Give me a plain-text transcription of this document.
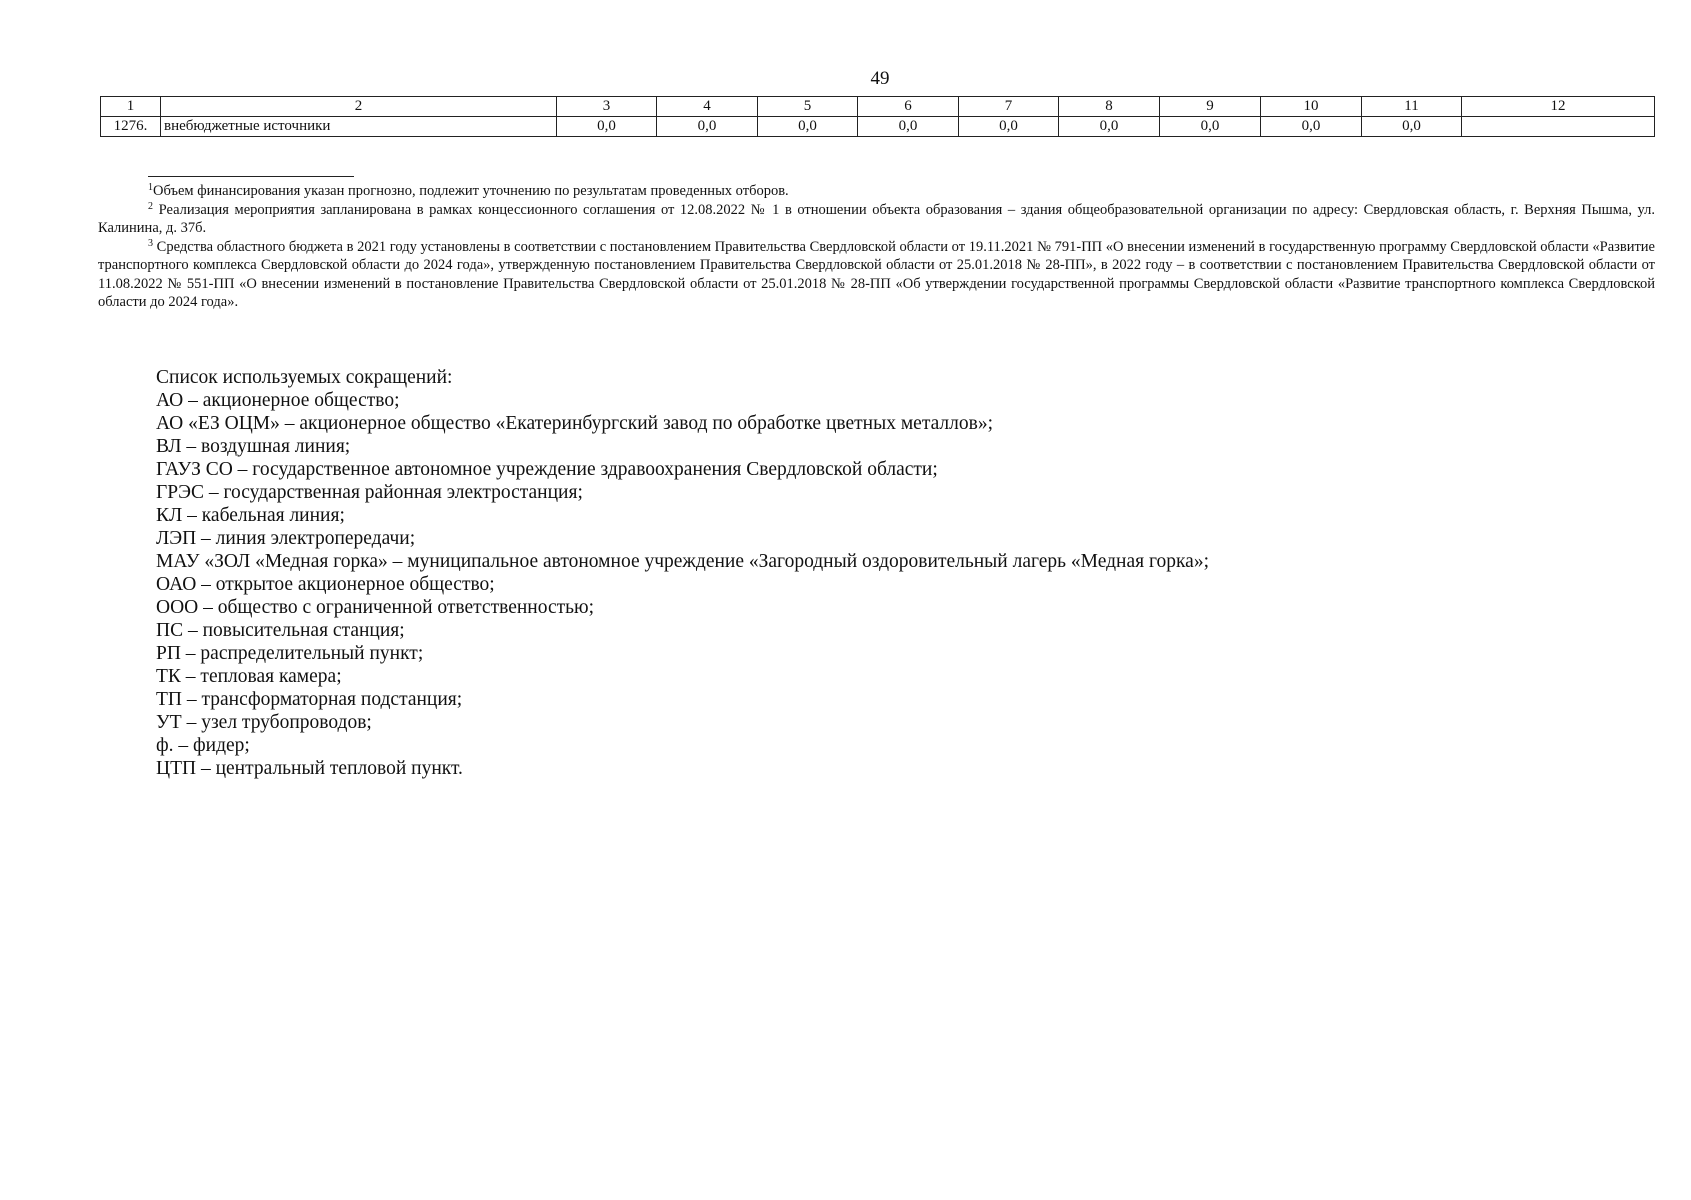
49
1	2	3	4	5	6	7	8	9	10	11	12
1276.	внебюджетные источники	0,0	0,0	0,0	0,0	0,0	0,0	0,0	0,0	0,0	

$^1$Объем финансирования указан прогнозно, подлежит уточнению по результатам проведенных отборов.

$^2$ Реализация мероприятия запланирована в рамках концессионного соглашения от 12.08.2022 № 1 в отношении объекта образования – здания общеобразовательной организации по адресу: Свердловская область, г. Верхняя Пышма, ул. Калинина, д. 37б.

$^3$ Средства областного бюджета в 2021 году установлены в соответствии с постановлением Правительства Свердловской области от 19.11.2021 № 791-ПП «О внесении изменений в государственную программу Свердловской области «Развитие транспортного комплекса Свердловской области до 2024 года», утвержденную постановлением Правительства Свердловской области от 25.01.2018 № 28-ПП», в 2022 году – в соответствии с постановлением Правительства Свердловской области от 11.08.2022 № 551-ПП «О внесении изменений в постановление Правительства Свердловской области от 25.01.2018 № 28-ПП «Об утверждении государственной программы Свердловской области «Развитие транспортного комплекса Свердловской области до 2024 года».

Список используемых сокращений:
АО – акционерное общество;
АО «ЕЗ ОЦМ» – акционерное общество «Екатеринбургский завод по обработке цветных металлов»;
ВЛ – воздушная линия;
ГАУЗ СО – государственное автономное учреждение здравоохранения Свердловской области;
ГРЭС – государственная районная электростанция;
КЛ – кабельная линия;
ЛЭП – линия электропередачи;
МАУ «ЗОЛ «Медная горка» – муниципальное автономное учреждение «Загородный оздоровительный лагерь «Медная горка»;
ОАО – открытое акционерное общество;
ООО – общество с ограниченной ответственностью;
ПС – повысительная станция;
РП – распределительный пункт;
ТК – тепловая камера;
ТП – трансформаторная подстанция;
УТ – узел трубопроводов;
ф. – фидер;
ЦТП – центральный тепловой пункт.
